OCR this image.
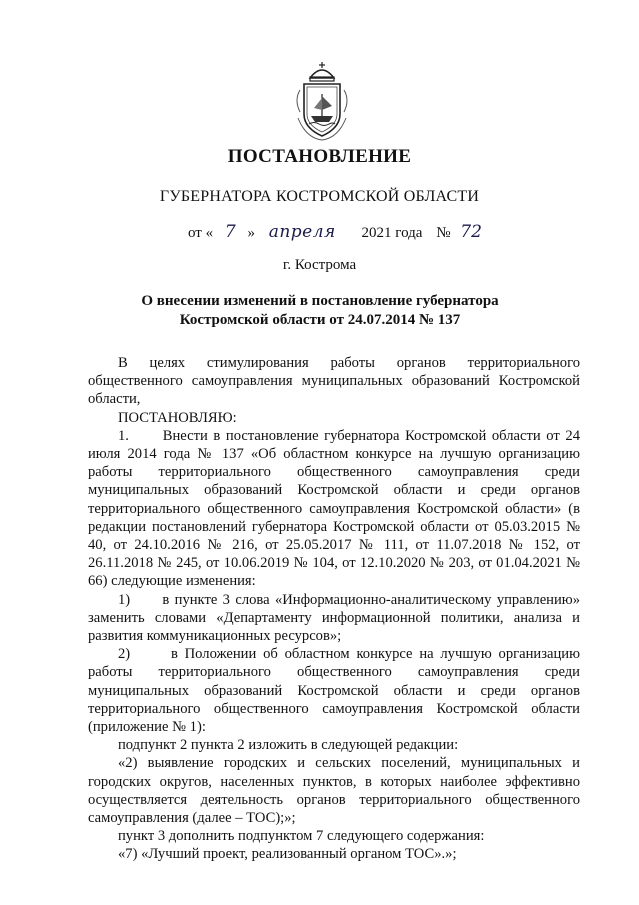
ПОСТАНОВЛЕНИЕ
ГУБЕРНАТОРА КОСТРОМСКОЙ ОБЛАСТИ
от « 7 » апреля 2021 года № 72
г. Кострома
О внесении изменений в постановление губернатора
Костромской области от 24.07.2014 № 137

В целях стимулирования работы органов территориального общественного самоуправления муниципальных образований Костромской области,

ПОСТАНОВЛЯЮ:

1.      Внести в постановление губернатора Костромской области от 24 июля 2014 года № 137 «Об областном конкурсе на лучшую организацию работы территориального общественного самоуправления среди муниципальных образований Костромской области и среди органов территориального общественного самоуправления Костромской области» (в редакции постановлений губернатора Костромской области от 05.03.2015 № 40, от 24.10.2016 № 216, от 25.05.2017 № 111, от 11.07.2018 № 152, от 26.11.2018 № 245, от 10.06.2019 № 104, от 12.10.2020 № 203, от 01.04.2021 № 66) следующие изменения:

1)      в пункте 3 слова «Информационно-аналитическому управлению» заменить словами «Департаменту информационной политики, анализа и развития коммуникационных ресурсов»;

2)      в Положении об областном конкурсе на лучшую организацию работы территориального общественного самоуправления среди муниципальных образований Костромской области и среди органов территориального общественного самоуправления Костромской области (приложение № 1):

подпункт 2 пункта 2 изложить в следующей редакции:

«2) выявление городских и сельских поселений, муниципальных и городских округов, населенных пунктов, в которых наиболее эффективно осуществляется деятельность органов территориального общественного самоуправления (далее – ТОС);»;

пункт 3 дополнить подпунктом 7 следующего содержания:

«7) «Лучший проект, реализованный органом ТОС».»;
